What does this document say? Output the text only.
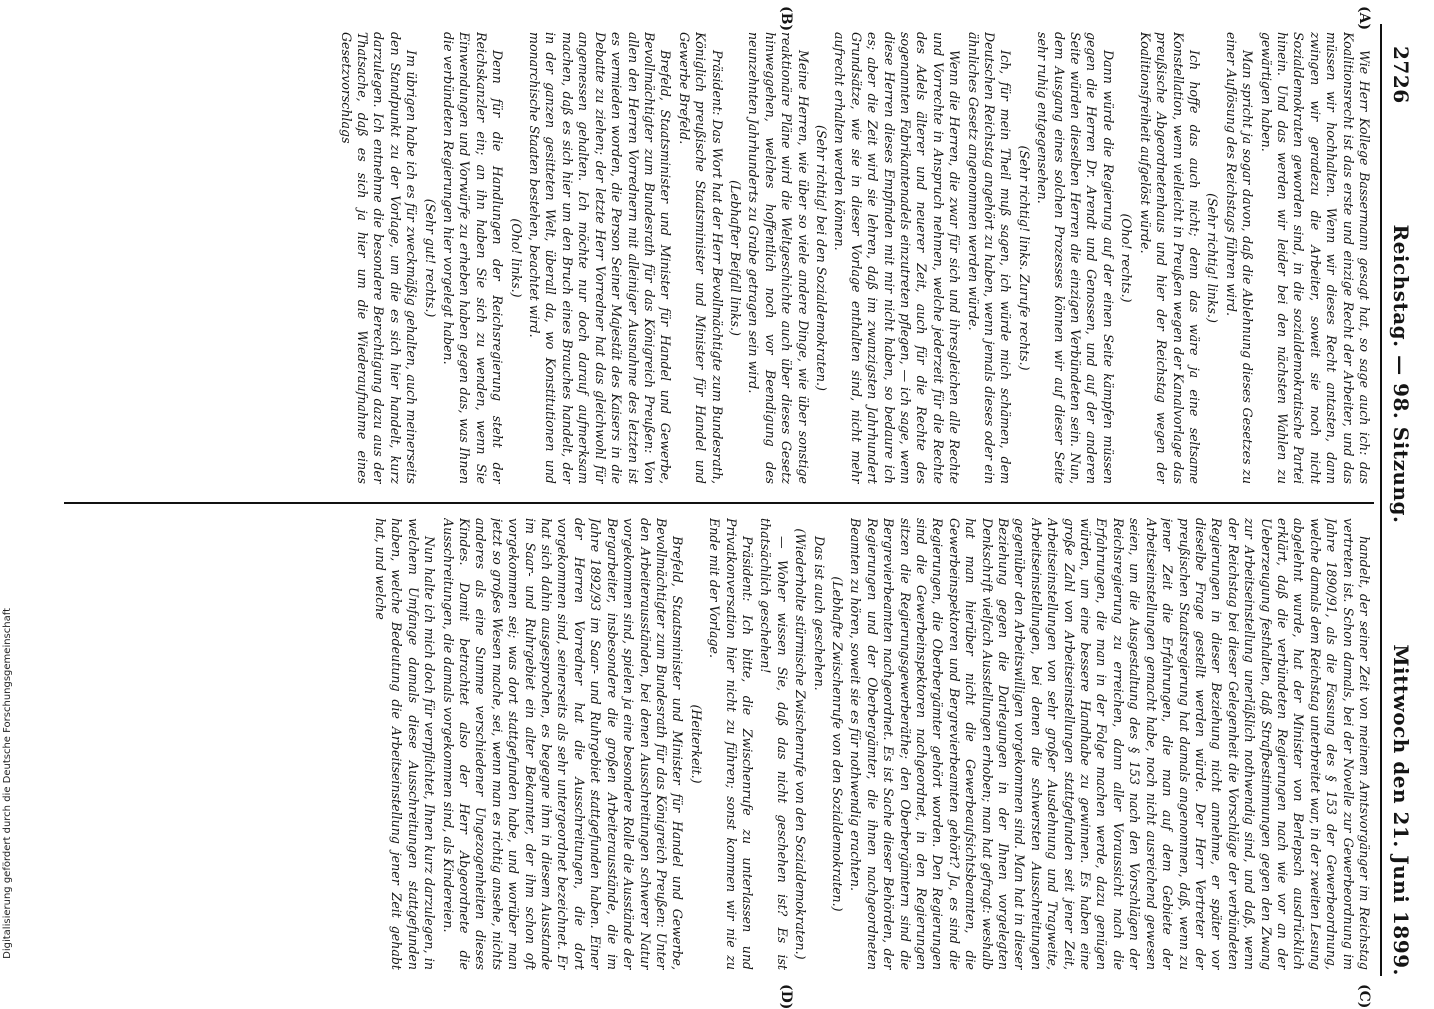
Digitalisierung gefördert durch die Deutsche Forschungsgemeinschaft
2726
Reichstag. — 98. Sitzung.
Mittwoch den 21. Juni 1899.
(A)
(B)
(C)
(D)

Wie Herr Kollege Bassermann gesagt hat, so sage auch ich: das Koalitionsrecht ist das erste und einzige Recht der Arbeiter, und das müssen wir hochhalten. Wenn wir dieses Recht antasten, dann zwingen wir geradezu die Arbeiter, soweit sie noch nicht Sozialdemokraten geworden sind, in die sozialdemokratische Partei hinein. Und das werden wir leider bei den nächsten Wahlen zu gewärtigen haben.

Man spricht ja sogar davon, daß die Ablehnung dieses Gesetzes zu einer Auflösung des Reichstags führen wird.

(Sehr richtig! links.)

Ich hoffe das auch nicht; denn das wäre ja eine seltsame Konstellation, wenn vielleicht in Preußen wegen der Kanalvorlage das preußische Abgeordnetenhaus und hier der Reichstag wegen der Koalitionsfreiheit aufgelöst würde.

(Oho! rechts.)

Dann würde die Regierung auf der einen Seite kämpfen müssen gegen die Herren Dr. Arendt und Genossen, und auf der anderen Seite würden dieselben Herren die einzigen Verbündeten sein. Nun, dem Ausgang eines solchen Prozesses können wir auf dieser Seite sehr ruhig entgegensehen.

(Sehr richtig! links. Zurufe rechts.)

Ich, für mein Theil muß sagen, ich würde mich schämen, dem Deutschen Reichstag angehört zu haben, wenn jemals dieses oder ein ähnliches Gesetz angenommen werden würde.

Wenn die Herren, die zwar für sich und ihresgleichen alle Rechte und Vorrechte in Anspruch nehmen, welche jederzeit für die Rechte des Adels älterer und neuerer Zeit, auch für die Rechte des sogenannten Fabrikantenadels einzutreten pflegen, — ich sage, wenn diese Herren dieses Empfinden mit mir nicht haben, so bedaure ich es; aber die Zeit wird sie lehren, daß im zwanzigsten Jahrhundert Grundsätze, wie sie in dieser Vorlage enthalten sind, nicht mehr aufrecht erhalten werden können.

(Sehr richtig! bei den Sozialdemokraten.)

Meine Herren, wie über so viele andere Dinge, wie über sonstige reaktionäre Pläne wird die Weltgeschichte auch über dieses Gesetz hinweggehen, welches hoffentlich noch vor Beendigung des neunzehnten Jahrhunderts zu Grabe getragen sein wird.

(Lebhafter Beifall links.)

Präsident: Das Wort hat der Herr Bevollmächtigte zum Bundesrath, Königlich preußische Staatsminister und Minister für Handel und Gewerbe Brefeld.

Brefeld, Staatsminister und Minister für Handel und Gewerbe, Bevollmächtigter zum Bundesrath für das Königreich Preußen: Von allen den Herren Vorrednern mit alleiniger Ausnahme des letzten ist es vermieden worden, die Person Seiner Majestät des Kaisers in die Debatte zu ziehen; der letzte Herr Vorredner hat das gleichwohl für angemessen gehalten. Ich möchte nur doch darauf aufmerksam machen, daß es sich hier um den Bruch eines Brauches handelt, der in der ganzen gesitteten Welt, überall da, wo Konstitutionen und monarchische Staaten bestehen, beachtet wird.

(Oho! links.)

Denn für die Handlungen der Reichsregierung steht der Reichskanzler ein; an ihn haben Sie sich zu wenden, wenn Sie Einwendungen und Vorwürfe zu erheben haben gegen das, was Ihnen die verbündeten Regierungen hier vorgelegt haben.

(Sehr gut! rechts.)

Im übrigen habe ich es für zweckmäßig gehalten, auch meinerseits den Standpunkt zu der Vorlage, um die es sich hier handelt, kurz darzulegen. Ich entnehme die besondere Berechtigung dazu aus der Thatsache, daß es sich ja hier um die Wiederaufnahme eines Gesetzvorschlags

handelt, der seiner Zeit von meinem Amtsvorgänger im Reichstag vertreten ist. Schon damals, bei der Novelle zur Gewerbeordnung im Jahre 1890/91, als die Fassung des § 153 der Gewerbeordnung, welche damals dem Reichstag unterbreitet war, in der zweiten Lesung abgelehnt wurde, hat der Minister von Berlepsch ausdrücklich erklärt, daß die verbündeten Regierungen nach wie vor an der Ueberzeugung festhalten, daß Strafbestimmungen gegen den Zwang zur Arbeitseinstellung unerläßlich nothwendig sind, und daß, wenn der Reichstag bei dieser Gelegenheit die Vorschläge der verbündeten Regierungen in dieser Beziehung nicht annehme, er später vor dieselbe Frage gestellt werden würde. Der Herr Vertreter der preußischen Staatsregierung hat damals angenommen, daß, wenn zu jener Zeit die Erfahrungen, die man auf dem Gebiete der Arbeitseinstellungen gemacht habe, noch nicht ausreichend gewesen seien, um die Ausgestaltung des § 153 nach den Vorschlägen der Reichsregierung zu erreichen, dann aller Voraussicht nach die Erfahrungen, die man in der Folge machen werde, dazu genügen würden, um eine bessere Handhabe zu gewinnen. Es haben eine große Zahl von Arbeitseinstellungen stattgefunden seit jener Zeit, Arbeitseinstellungen von sehr großer Ausdehnung und Tragweite, Arbeitseinstellungen, bei denen die schwersten Ausschreitungen gegenüber den Arbeitswilligen vorgekommen sind. Man hat in dieser Beziehung gegen die Darlegungen in der Ihnen vorgelegten Denkschrift vielfach Ausstellungen erhoben; man hat gefragt: weshalb hat man hierüber nicht die Gewerbeaufsichtsbeamten, die Gewerbeinspektoren und Bergrevierbeamten gehört? Ja, es sind die Regierungen, die Oberbergämter gehört worden. Den Regierungen sind die Gewerbeinspektoren nachgeordnet, in den Regierungen sitzen die Regierungsgewerberäthe; den Oberbergämtern sind die Bergrevierbeamten nachgeordnet. Es ist Sache dieser Behörden, der Regierungen und der Oberbergämter, die ihnen nachgeordneten Beamten zu hören, soweit sie es für nothwendig erachten.

(Lebhafte Zwischenrufe von den Sozialdemokraten.)

Das ist auch geschehen.

(Wiederholte stürmische Zwischenrufe von den Sozialdemokraten.)

— Woher wissen Sie, daß das nicht geschehen ist? Es ist thatsächlich geschehen!

Präsident: Ich bitte, die Zwischenrufe zu unterlassen und Privatkonversation hier nicht zu führen; sonst kommen wir nie zu Ende mit der Vorlage.

(Heiterkeit.)

Brefeld, Staatsminister und Minister für Handel und Gewerbe, Bevollmächtigter zum Bundesrath für das Königreich Preußen: Unter den Arbeiterausständen, bei denen Ausschreitungen schwerer Natur vorgekommen sind, spielen ja eine besondere Rolle die Ausstände der Bergarbeiter, insbesondere die großen Arbeiterausstände, die im Jahre 1892/93 im Saar- und Ruhrgebiet stattgefunden haben. Einer der Herren Vorredner hat die Ausschreitungen, die dort vorgekommen sind, seinerseits als sehr untergeordnet bezeichnet. Er hat sich dahin ausgesprochen, es begegne ihm in diesem Ausstande im Saar- und Ruhrgebiet ein alter Bekannter, der ihm schon oft vorgekommen sei; was dort stattgefunden habe, und worüber man jetzt so großes Wesen mache, sei, wenn man es richtig ansehe, nichts anderes als eine Summe verschiedener Ungezogenheiten dieses Kindes. Damit betrachtet also der Herr Abgeordnete die Ausschreitungen, die damals vorgekommen sind, als Kindereien.

Nun halte ich mich doch für verpflichtet, Ihnen kurz darzulegen, in welchem Umfange damals diese Ausschreitungen stattgefunden haben, welche Bedeutung die Arbeitseinstellung jener Zeit gehabt hat, und welche
